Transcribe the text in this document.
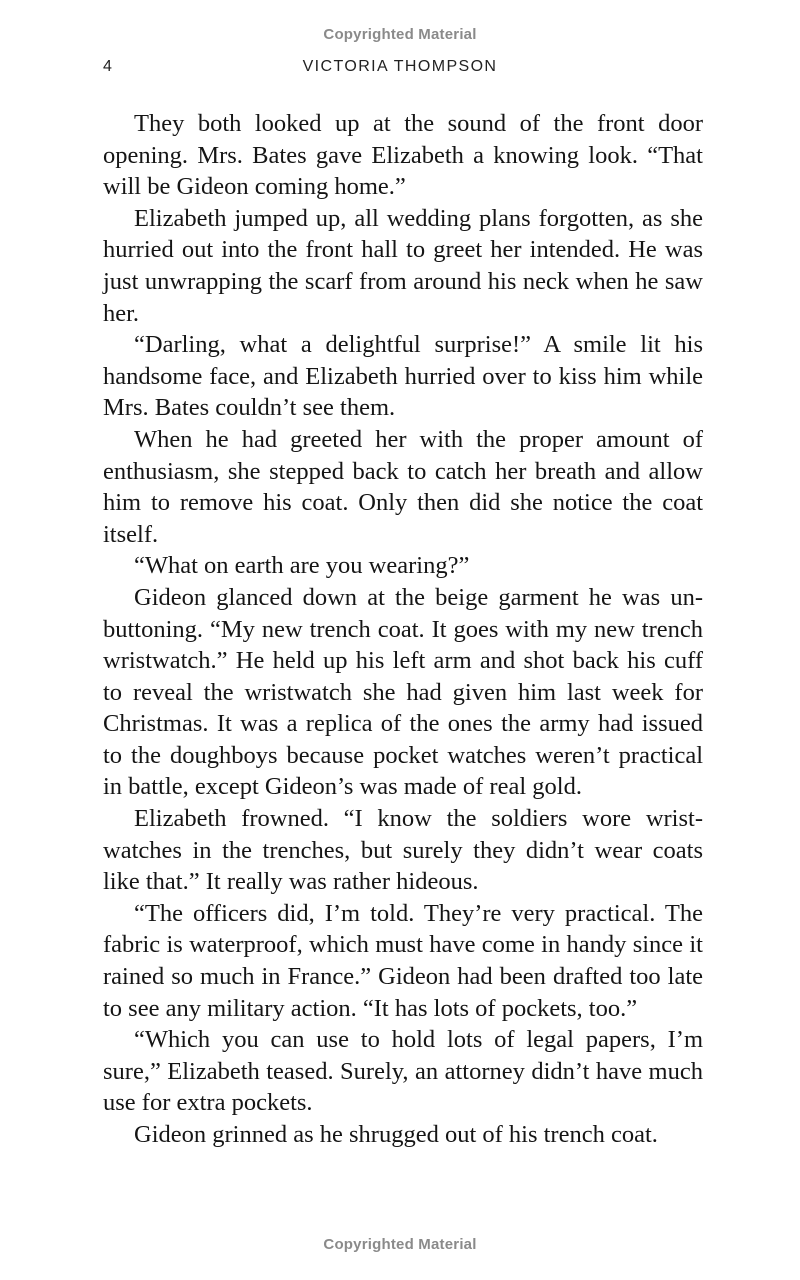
Copyrighted Material
4	VICTORIA THOMPSON

They both looked up at the sound of the front door opening. Mrs. Bates gave Elizabeth a knowing look. “That will be Gideon coming home.”

Elizabeth jumped up, all wedding plans forgotten, as she hurried out into the front hall to greet her intended. He was just unwrapping the scarf from around his neck when he saw her.

“Darling, what a delightful surprise!” A smile lit his handsome face, and Elizabeth hurried over to kiss him while Mrs. Bates couldn’t see them.

When he had greeted her with the proper amount of enthusiasm, she stepped back to catch her breath and allow him to remove his coat. Only then did she notice the coat itself.

“What on earth are you wearing?”

Gideon glanced down at the beige garment he was unbuttoning. “My new trench coat. It goes with my new trench wristwatch.” He held up his left arm and shot back his cuff to reveal the wristwatch she had given him last week for Christmas. It was a replica of the ones the army had issued to the doughboys because pocket watches weren’t practical in battle, except Gideon’s was made of real gold.

Elizabeth frowned. “I know the soldiers wore wristwatches in the trenches, but surely they didn’t wear coats like that.” It really was rather hideous.

“The officers did, I’m told. They’re very practical. The fabric is waterproof, which must have come in handy since it rained so much in France.” Gideon had been drafted too late to see any military action. “It has lots of pockets, too.”

“Which you can use to hold lots of legal papers, I’m sure,” Elizabeth teased. Surely, an attorney didn’t have much use for extra pockets.

Gideon grinned as he shrugged out of his trench coat.

Copyrighted Material
